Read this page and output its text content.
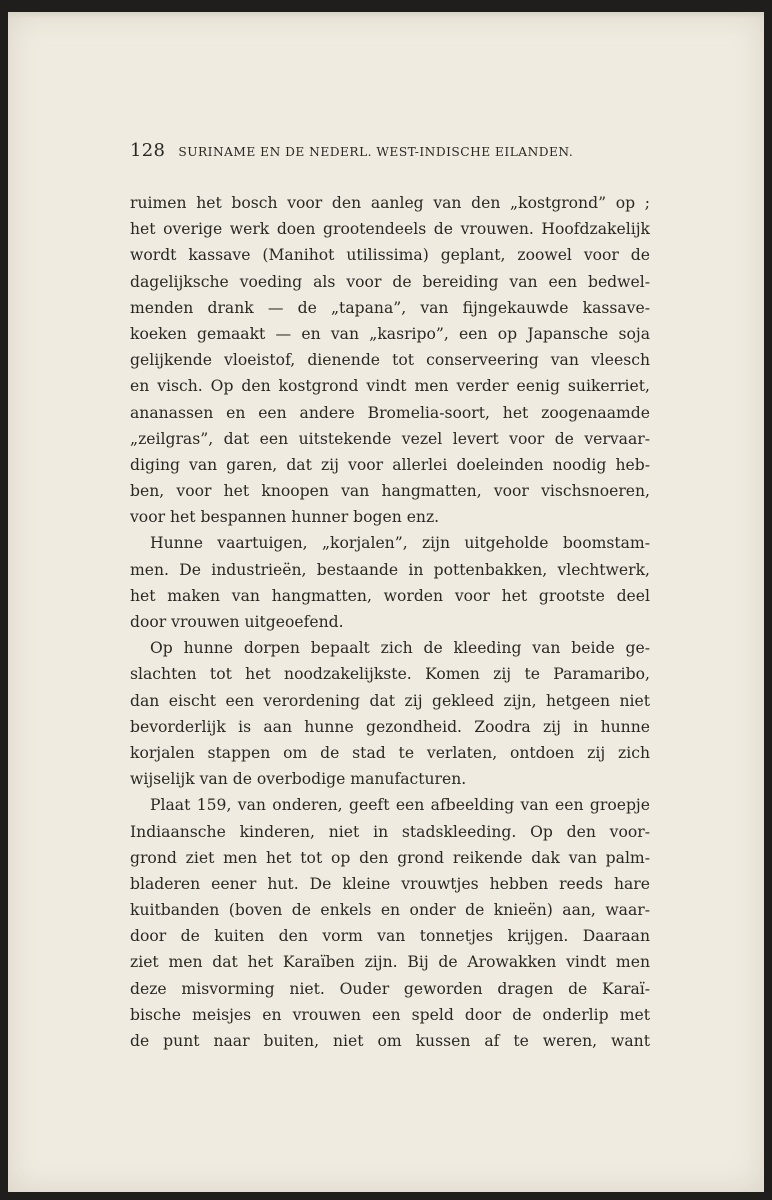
128 SURINAME EN DE NEDERL. WEST-INDISCHE EILANDEN.
ruimen het bosch voor den aanleg van den „kostgrond” op ;
het overige werk doen grootendeels de vrouwen. Hoofdzakelijk
wordt kassave (Manihot utilissima) geplant, zoowel voor de
dagelijksche voeding als voor de bereiding van een bedwel-
menden drank — de „tapana”, van fijngekauwde kassave-
koeken gemaakt — en van „kasripo”, een op Japansche soja
gelijkende vloeistof, dienende tot conserveering van vleesch
en visch. Op den kostgrond vindt men verder eenig suikerriet,
ananassen en een andere Bromelia-soort, het zoogenaamde
„zeilgras”, dat een uitstekende vezel levert voor de vervaar-
diging van garen, dat zij voor allerlei doeleinden noodig heb-
ben, voor het knoopen van hangmatten, voor vischsnoeren,
voor het bespannen hunner bogen enz.
Hunne vaartuigen, „korjalen”, zijn uitgeholde boomstam-
men. De industrieën, bestaande in pottenbakken, vlechtwerk,
het maken van hangmatten, worden voor het grootste deel
door vrouwen uitgeoefend.
Op hunne dorpen bepaalt zich de kleeding van beide ge-
slachten tot het noodzakelijkste. Komen zij te Paramaribo,
dan eischt een verordening dat zij gekleed zijn, hetgeen niet
bevorderlijk is aan hunne gezondheid. Zoodra zij in hunne
korjalen stappen om de stad te verlaten, ontdoen zij zich
wijselijk van de overbodige manufacturen.
Plaat 159, van onderen, geeft een afbeelding van een groepje
Indiaansche kinderen, niet in stadskleeding. Op den voor-
grond ziet men het tot op den grond reikende dak van palm-
bladeren eener hut. De kleine vrouwtjes hebben reeds hare
kuitbanden (boven de enkels en onder de knieën) aan, waar-
door de kuiten den vorm van tonnetjes krijgen. Daaraan
ziet men dat het Karaïben zijn. Bij de Arowakken vindt men
deze misvorming niet. Ouder geworden dragen de Karaï-
bische meisjes en vrouwen een speld door de onderlip met
de punt naar buiten, niet om kussen af te weren, want
